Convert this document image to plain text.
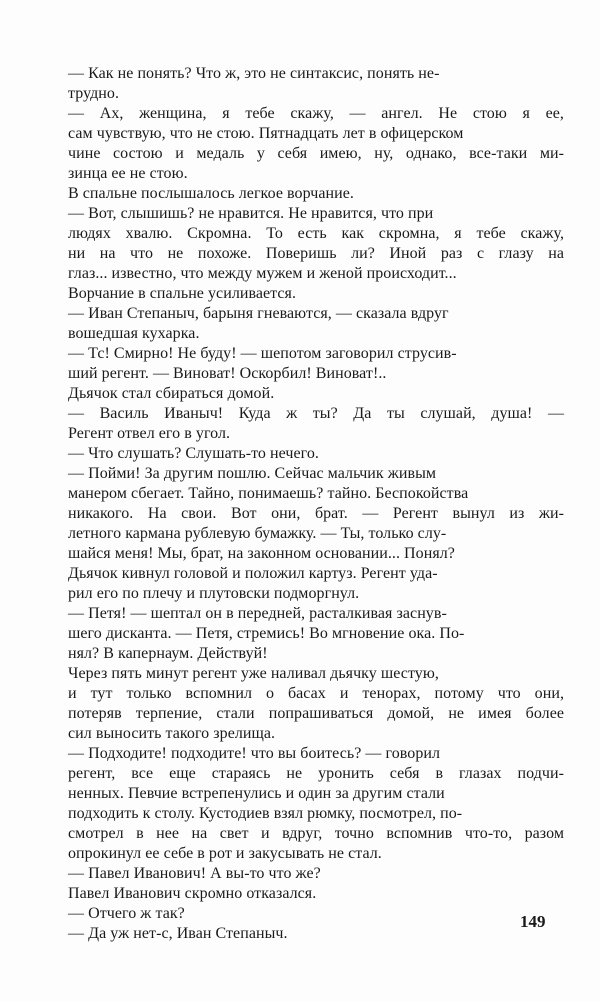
— Как не понять? Что ж, это не синтаксис, понять не-
трудно.
— Ах, женщина, я тебе скажу, — ангел. Не стою я ее,
сам чувствую, что не стою. Пятнадцать лет в офицерском
чине состою и медаль у себя имею, ну, однако, все-таки ми-
зинца ее не стою.
В спальне послышалось легкое ворчание.
— Вот, слышишь? не нравится. Не нравится, что при
людях хвалю. Скромна. То есть как скромна, я тебе скажу,
ни на что не похоже. Поверишь ли? Иной раз с глазу на
глаз... известно, что между мужем и женой происходит...
Ворчание в спальне усиливается.
— Иван Степаныч, барыня гневаются, — сказала вдруг
вошедшая кухарка.
— Тс! Смирно! Не буду! — шепотом заговорил струсив-
ший регент. — Виноват! Оскорбил! Виноват!..
Дьячок стал сбираться домой.
— Василь Иваныч! Куда ж ты? Да ты слушай, душа! —
Регент отвел его в угол.
— Что слушать? Слушать-то нечего.
— Пойми! За другим пошлю. Сейчас мальчик живым
манером сбегает. Тайно, понимаешь? тайно. Беспокойства
никакого. На свои. Вот они, брат. — Регент вынул из жи-
летного кармана рублевую бумажку. — Ты, только слу-
шайся меня! Мы, брат, на законном основании... Понял?
Дьячок кивнул головой и положил картуз. Регент уда-
рил его по плечу и плутовски подморгнул.
— Петя! — шептал он в передней, расталкивая заснув-
шего дисканта. — Петя, стремись! Во мгновение ока. По-
нял? В капернаум. Действуй!
Через пять минут регент уже наливал дьячку шестую,
и тут только вспомнил о басах и тенорах, потому что они,
потеряв терпение, стали попрашиваться домой, не имея более
сил выносить такого зрелища.
— Подходите! подходите! что вы боитесь? — говорил
регент, все еще стараясь не уронить себя в глазах подчи-
ненных. Певчие встрепенулись и один за другим стали
подходить к столу. Кустодиев взял рюмку, посмотрел, по-
смотрел в нее на свет и вдруг, точно вспомнив что-то, разом
опрокинул ее себе в рот и закусывать не стал.
— Павел Иванович! А вы-то что же?
Павел Иванович скромно отказался.
— Отчего ж так?
— Да уж нет-с, Иван Степаныч.
149
